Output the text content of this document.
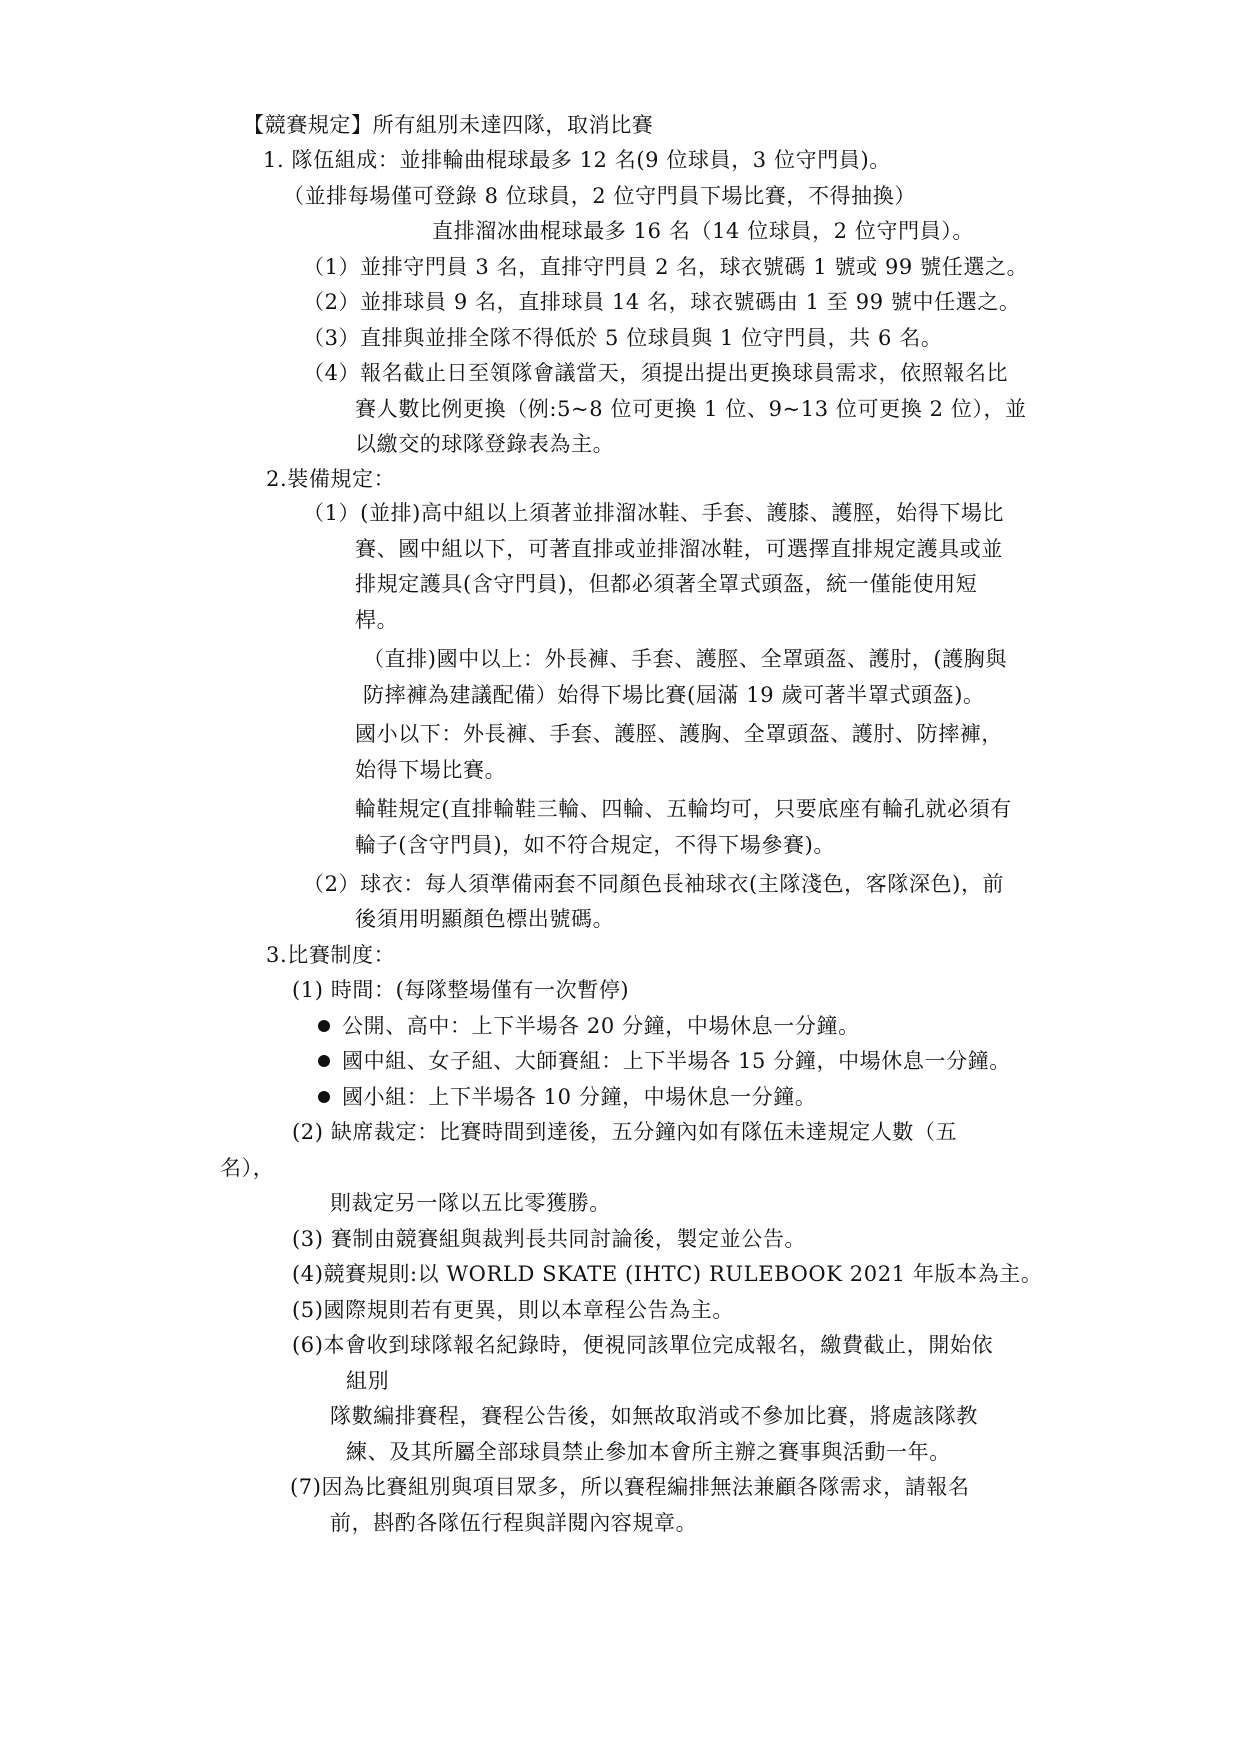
【競賽規定】所有組別未達四隊，取消比賽
1. 隊伍組成：並排輪曲棍球最多 12 名(9 位球員，3 位守門員)。
（並排每場僅可登錄 8 位球員，2 位守門員下場比賽，不得抽換）
直排溜冰曲棍球最多 16 名（14 位球員，2 位守門員）。
（1）並排守門員 3 名，直排守門員 2 名，球衣號碼 1 號或 99 號任選之。
（2）並排球員 9 名，直排球員 14 名，球衣號碼由 1 至 99 號中任選之。
（3）直排與並排全隊不得低於 5 位球員與 1 位守門員，共 6 名。
（4）報名截止日至領隊會議當天，須提出提出更換球員需求，依照報名比
賽人數比例更換（例:5~8 位可更換 1 位、9~13 位可更換 2 位），並
以繳交的球隊登錄表為主。
2.裝備規定：
（1）(並排)高中組以上須著並排溜冰鞋、手套、護膝、護脛，始得下場比
賽、國中組以下，可著直排或並排溜冰鞋，可選擇直排規定護具或並
排規定護具(含守門員)，但都必須著全罩式頭盔，統一僅能使用短
桿。
（直排)國中以上：外長褲、手套、護脛、全罩頭盔、護肘，(護胸與
防摔褲為建議配備）始得下場比賽(屆滿 19 歲可著半罩式頭盔)。
國小以下：外長褲、手套、護脛、護胸、全罩頭盔、護肘、防摔褲，
始得下場比賽。
輪鞋規定(直排輪鞋三輪、四輪、五輪均可，只要底座有輪孔就必須有
輪子(含守門員)，如不符合規定，不得下場參賽)。
（2）球衣：每人須準備兩套不同顏色長袖球衣(主隊淺色，客隊深色)，前
後須用明顯顏色標出號碼。
3.比賽制度：
(1) 時間：(每隊整場僅有一次暫停)
公開、高中：上下半場各 20 分鐘，中場休息一分鐘。
國中組、女子組、大師賽組：上下半場各 15 分鐘，中場休息一分鐘。
國小組：上下半場各 10 分鐘，中場休息一分鐘。
(2) 缺席裁定：比賽時間到達後，五分鐘內如有隊伍未達規定人數（五
名），
則裁定另一隊以五比零獲勝。
(3) 賽制由競賽組與裁判長共同討論後，製定並公告。
(4)競賽規則:以 WORLD SKATE (IHTC) RULEBOOK 2021 年版本為主。
(5)國際規則若有更異，則以本章程公告為主。
(6)本會收到球隊報名紀錄時，便視同該單位完成報名，繳費截止，開始依
組別
隊數編排賽程，賽程公告後，如無故取消或不參加比賽，將處該隊教
練、及其所屬全部球員禁止參加本會所主辦之賽事與活動一年。
(7)因為比賽組別與項目眾多，所以賽程編排無法兼顧各隊需求，請報名
前，斟酌各隊伍行程與詳閱內容規章。
